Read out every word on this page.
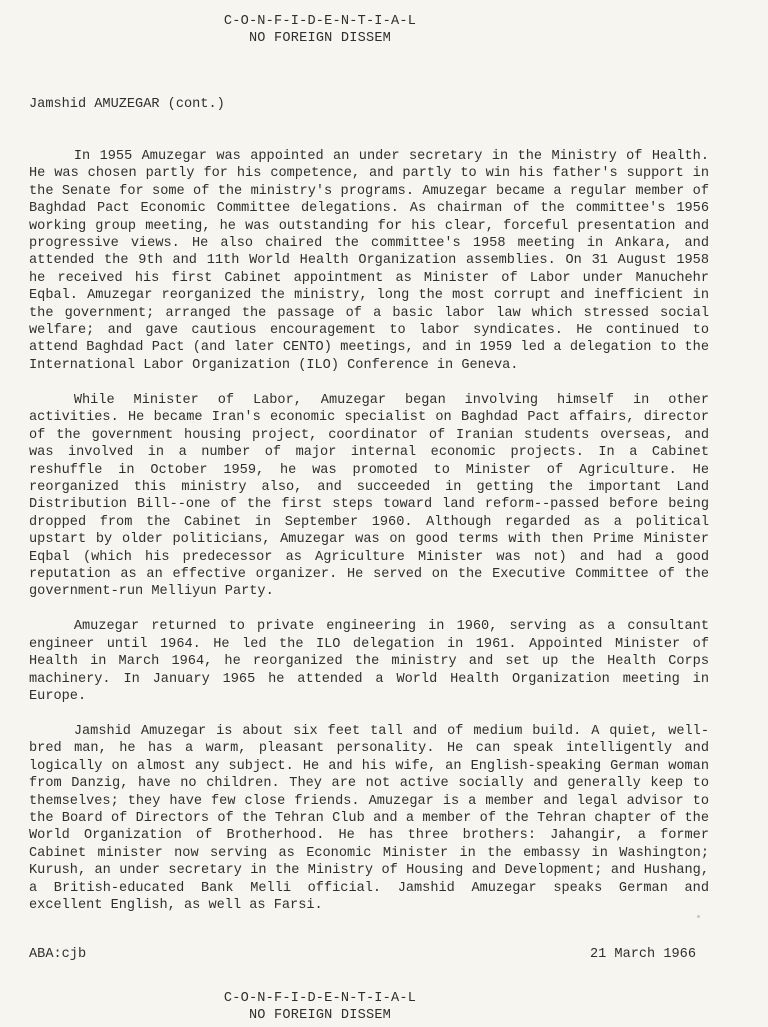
C-O-N-F-I-D-E-N-T-I-A-L
NO FOREIGN DISSEM
Jamshid AMUZEGAR (cont.)

In 1955 Amuzegar was appointed an under secretary in the Ministry of Health. He was chosen partly for his competence, and partly to win his father's support in the Senate for some of the ministry's programs. Amuzegar became a regular member of Baghdad Pact Economic Committee delegations. As chairman of the committee's 1956 working group meeting, he was outstanding for his clear, forceful presentation and progressive views. He also chaired the committee's 1958 meeting in Ankara, and attended the 9th and 11th World Health Organization assemblies. On 31 August 1958 he received his first Cabinet appointment as Minister of Labor under Manuchehr Eqbal. Amuzegar reorganized the ministry, long the most corrupt and inefficient in the government; arranged the passage of a basic labor law which stressed social welfare; and gave cautious encouragement to labor syndicates. He continued to attend Baghdad Pact (and later CENTO) meetings, and in 1959 led a delegation to the International Labor Organization (ILO) Conference in Geneva.

While Minister of Labor, Amuzegar began involving himself in other activities. He became Iran's economic specialist on Baghdad Pact affairs, director of the government housing project, coordinator of Iranian students overseas, and was involved in a number of major internal economic projects. In a Cabinet reshuffle in October 1959, he was promoted to Minister of Agriculture. He reorganized this ministry also, and succeeded in getting the important Land Distribution Bill--one of the first steps toward land reform--passed before being dropped from the Cabinet in September 1960. Although regarded as a political upstart by older politicians, Amuzegar was on good terms with then Prime Minister Eqbal (which his predecessor as Agriculture Minister was not) and had a good reputation as an effective organizer. He served on the Executive Committee of the government-run Melliyun Party.

Amuzegar returned to private engineering in 1960, serving as a consultant engineer until 1964. He led the ILO delegation in 1961. Appointed Minister of Health in March 1964, he reorganized the ministry and set up the Health Corps machinery. In January 1965 he attended a World Health Organization meeting in Europe.

Jamshid Amuzegar is about six feet tall and of medium build. A quiet, well-bred man, he has a warm, pleasant personality. He can speak intelligently and logically on almost any subject. He and his wife, an English-speaking German woman from Danzig, have no children. They are not active socially and generally keep to themselves; they have few close friends. Amuzegar is a member and legal advisor to the Board of Directors of the Tehran Club and a member of the Tehran chapter of the World Organization of Brotherhood. He has three brothers: Jahangir, a former Cabinet minister now serving as Economic Minister in the embassy in Washington; Kurush, an under secretary in the Ministry of Housing and Development; and Hushang, a British-educated Bank Melli official. Jamshid Amuzegar speaks German and excellent English, as well as Farsi.

ABA:cjb	21 March 1966
C-O-N-F-I-D-E-N-T-I-A-L
NO FOREIGN DISSEM
